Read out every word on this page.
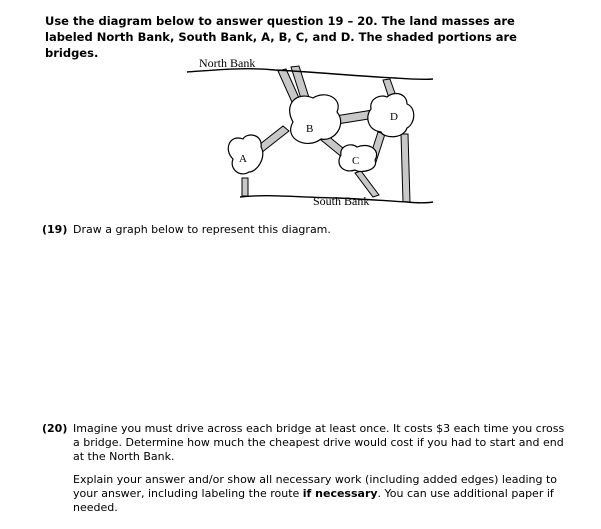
Use the diagram below to answer question 19 – 20. The land masses are labeled North Bank, South Bank, A, B, C, and D. The shaded portions are bridges.

North Bank
South Bank
A
B
C
D
(19) Draw a graph below to represent this diagram.
(20) Imagine you must drive across each bridge at least once. It costs $3 each time you cross a bridge. Determine how much the cheapest drive would cost if you had to start and end at the North Bank.

Explain your answer and/or show all necessary work (including added edges) leading to your answer, including labeling the route if necessary. You can use additional paper if needed.
